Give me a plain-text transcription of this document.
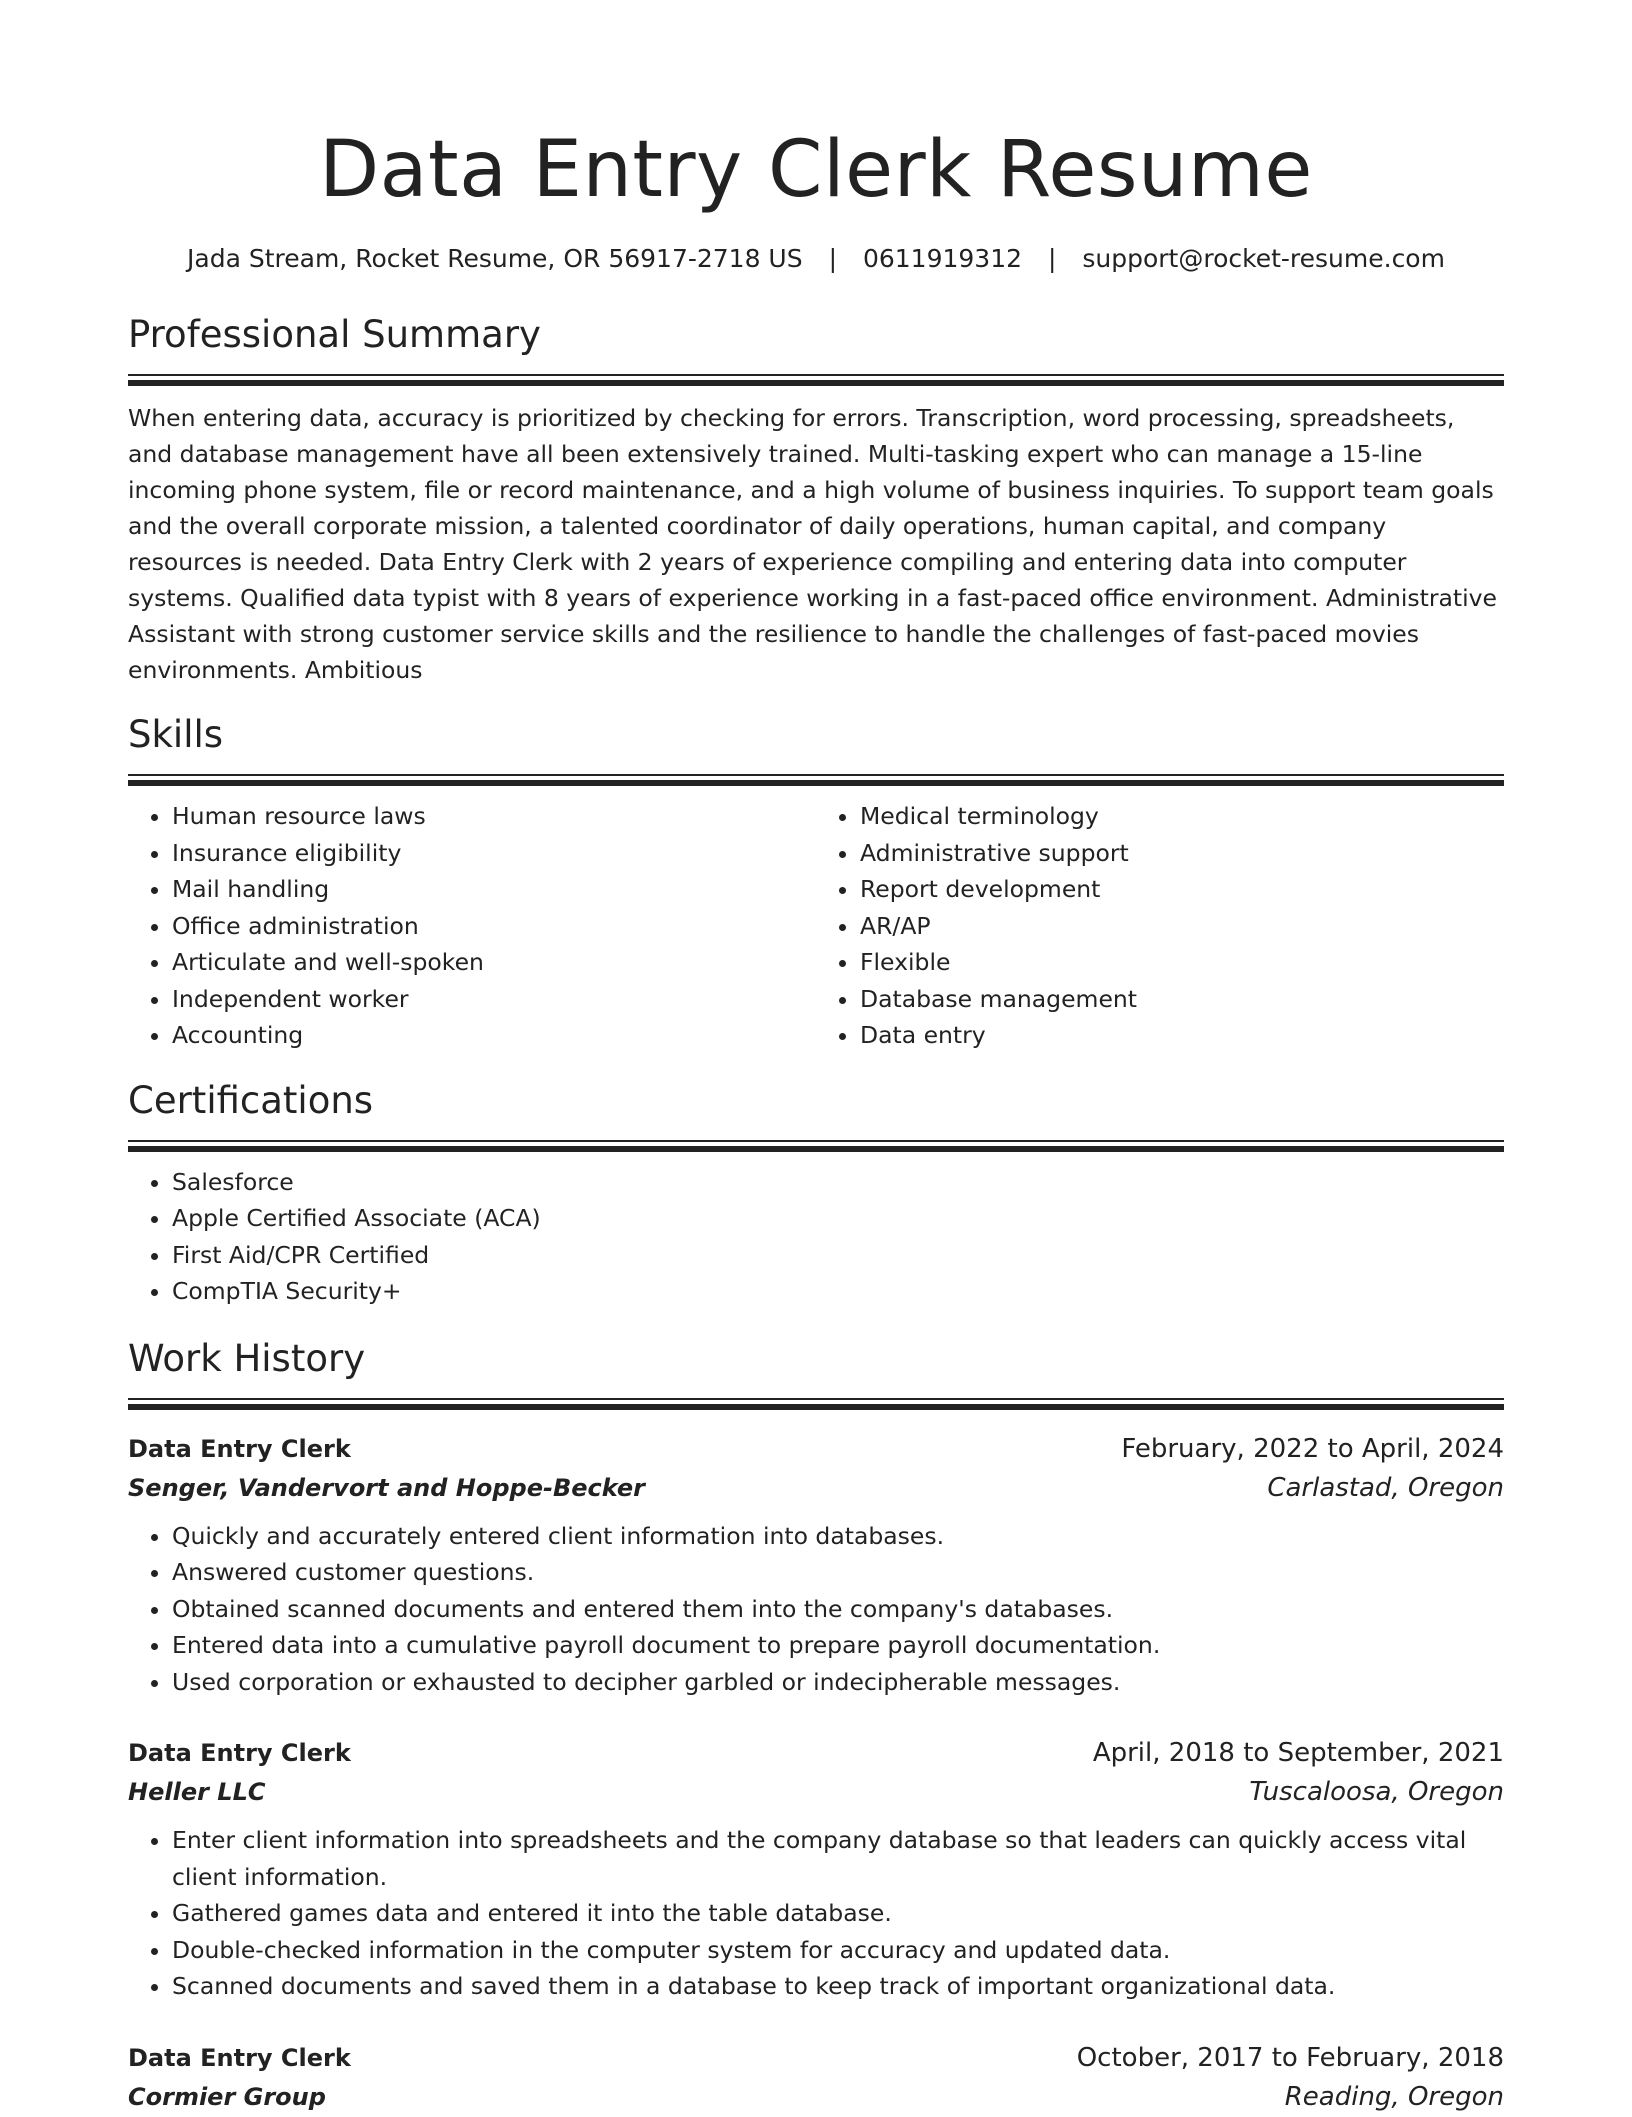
Data Entry Clerk Resume
Jada Stream, Rocket Resume, OR 56917-2718 US | 0611919312 | support@rocket-resume.com
Professional Summary

When entering data, accuracy is prioritized by checking for errors. Transcription, word processing, spreadsheets, and database management have all been extensively trained. Multi-tasking expert who can manage a 15-line incoming phone system, file or record maintenance, and a high volume of business inquiries. To support team goals and the overall corporate mission, a talented coordinator of daily operations, human capital, and company resources is needed. Data Entry Clerk with 2 years of experience compiling and entering data into computer systems. Qualified data typist with 8 years of experience working in a fast-paced office environment. Administrative Assistant with strong customer service skills and the resilience to handle the challenges of fast-paced movies environments. Ambitious

Skills
• Human resource laws
• Insurance eligibility
• Mail handling
• Office administration
• Articulate and well-spoken
• Independent worker
• Accounting
• Medical terminology
• Administrative support
• Report development
• AR/AP
• Flexible
• Database management
• Data entry
Certifications
• Salesforce
• Apple Certified Associate (ACA)
• First Aid/CPR Certified
• CompTIA Security+
Work History
Data Entry Clerk	February, 2022 to April, 2024
Senger, Vandervort and Hoppe-Becker	Carlastad, Oregon
• Quickly and accurately entered client information into databases.
• Answered customer questions.
• Obtained scanned documents and entered them into the company's databases.
• Entered data into a cumulative payroll document to prepare payroll documentation.
• Used corporation or exhausted to decipher garbled or indecipherable messages.
Data Entry Clerk	April, 2018 to September, 2021
Heller LLC	Tuscaloosa, Oregon
• Enter client information into spreadsheets and the company database so that leaders can quickly access vital client information.
• Gathered games data and entered it into the table database.
• Double-checked information in the computer system for accuracy and updated data.
• Scanned documents and saved them in a database to keep track of important organizational data.
Data Entry Clerk	October, 2017 to February, 2018
Cormier Group	Reading, Oregon
